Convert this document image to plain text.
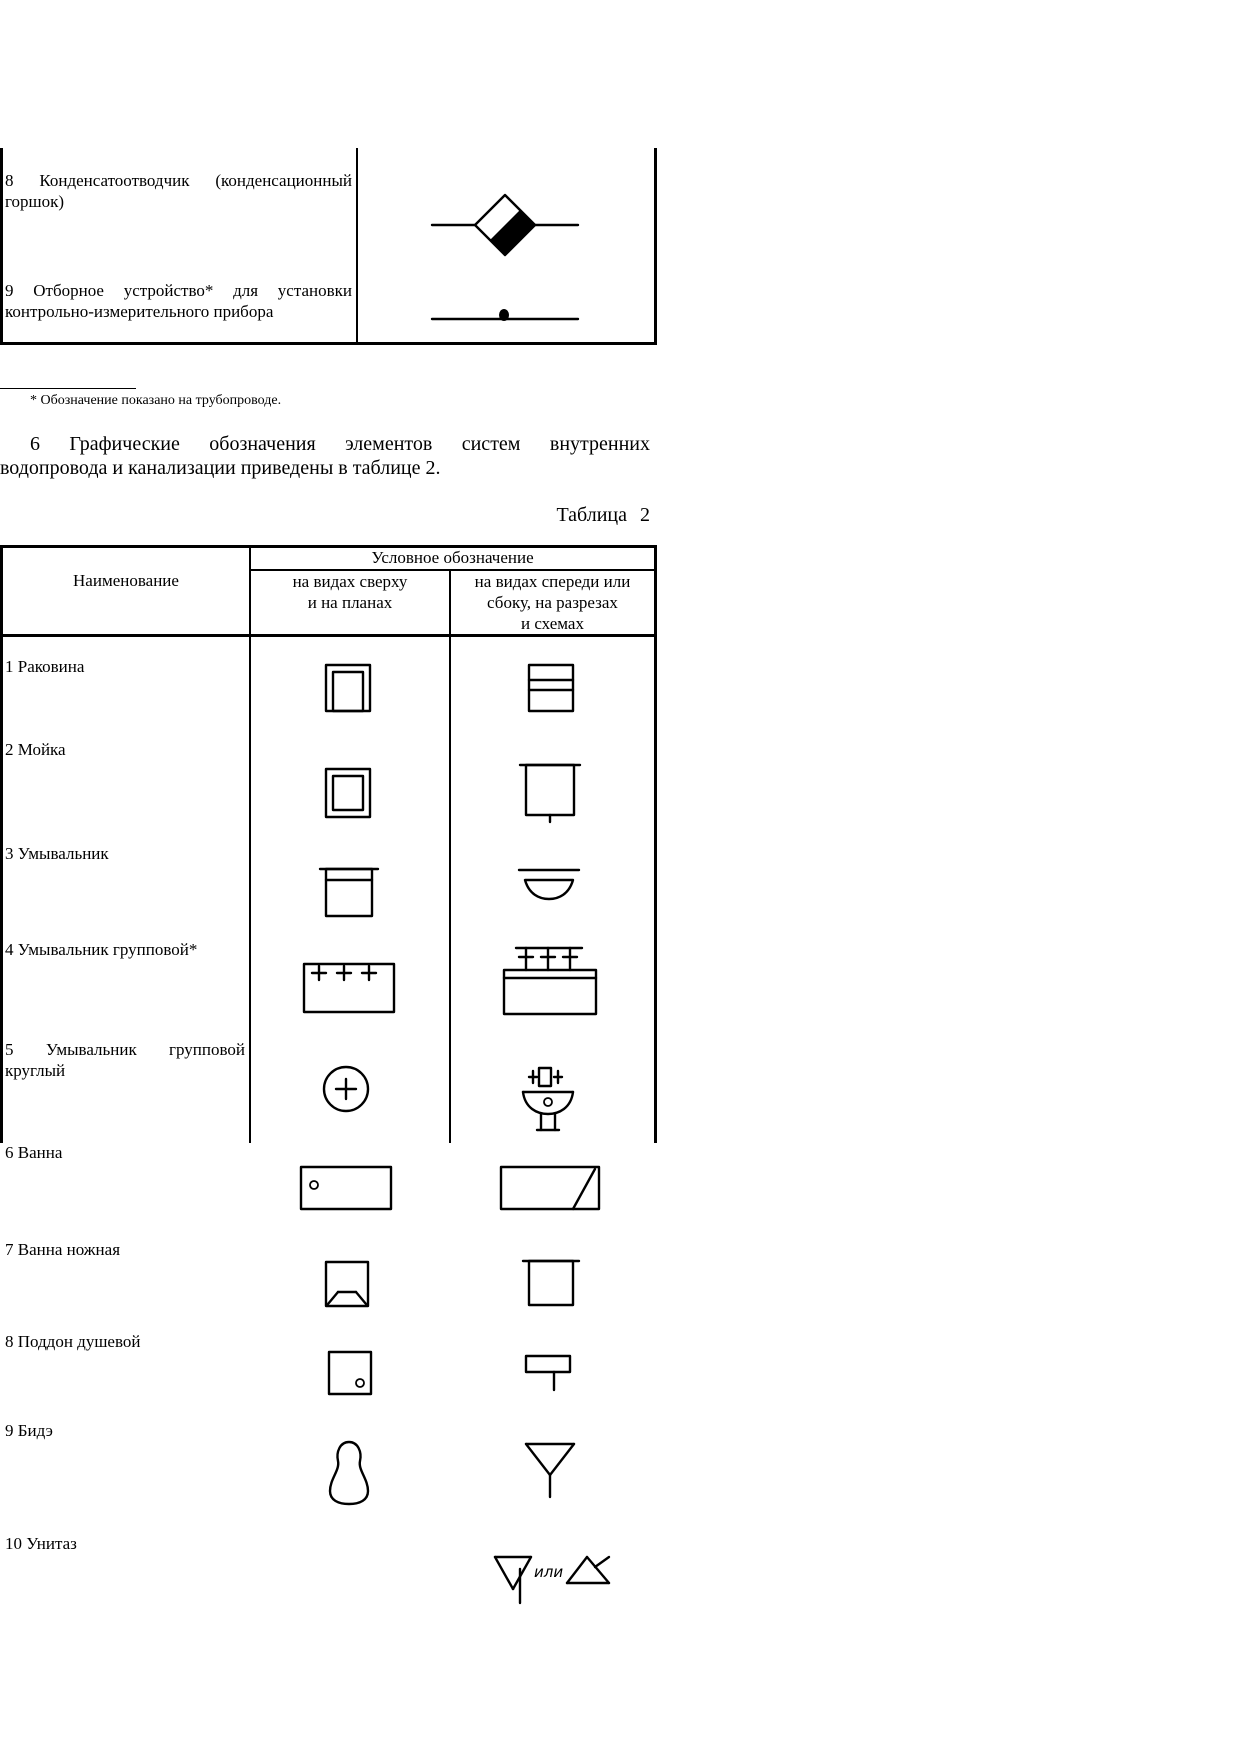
8 Конденсатоотводчик (конденсационный
горшок)
9 Отборное устройство* для установки
контрольно-измерительного прибора
* Обозначение показано на трубопроводе.
6 Графические обозначения элементов систем внутренних
водопровода и канализации приведены в таблице 2.
Таблица 2
Наименование
Условное обозначение
на видах сверху
и на планах
на видах спереди или
сбоку, на разрезах
и схемах
1 Раковина
2 Мойка
3 Умывальник
4 Умывальник групповой*
5 Умывальник групповой
круглый
6 Ванна
7 Ванна ножная
8 Поддон душевой
9 Бидэ
10 Унитаз
или
